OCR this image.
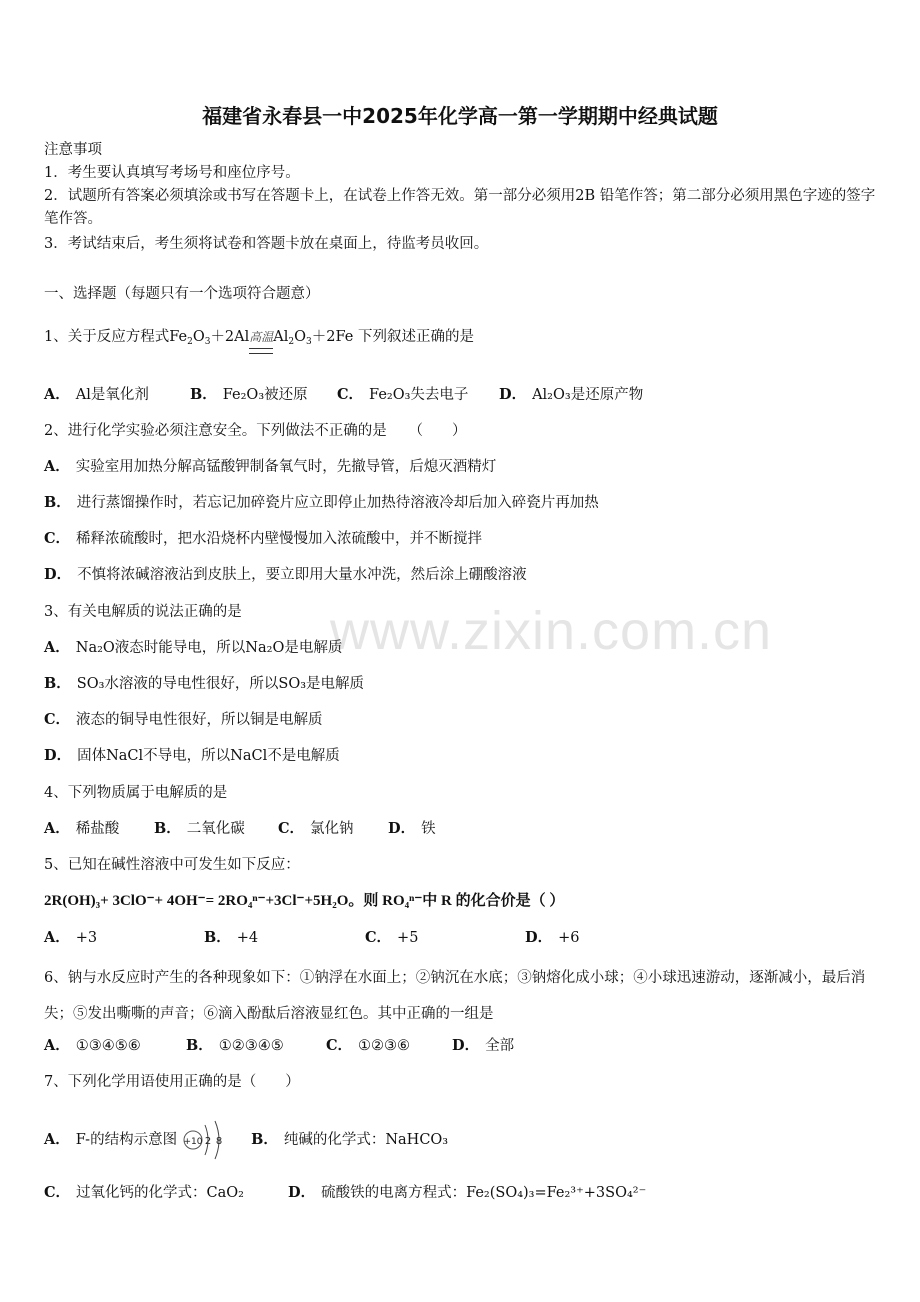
www.zixin.com.cn
福建省永春县一中2025年化学高一第一学期期中经典试题
注意事项
1．考生要认真填写考场号和座位序号。
2．试题所有答案必须填涂或书写在答题卡上，在试卷上作答无效。第一部分必须用2B 铅笔作答；第二部分必须用黑色字迹的签字笔作答。
3．考试结束后，考生须将试卷和答题卡放在桌面上，待监考员收回。
一、选择题（每题只有一个选项符合题意）
1、关于反应方程式$Fe_2O_3+2Al$高温$Al_2O_3+2Fe$ 下列叙述正确的是
A． Al是氧化剂	B． Fe₂O₃被还原 C． Fe₂O₃失去电子 D． Al₂O₃是还原产物
2、进行化学实验必须注意安全。下列做法不正确的是　　（　　）
A． 实验室用加热分解高锰酸钾制备氧气时，先撤导管，后熄灭酒精灯
B． 进行蒸馏操作时，若忘记加碎瓷片应立即停止加热待溶液冷却后加入碎瓷片再加热
C． 稀释浓硫酸时，把水沿烧杯内壁慢慢加入浓硫酸中，并不断搅拌
D． 不慎将浓碱溶液沾到皮肤上，要立即用大量水冲洗，然后涂上硼酸溶液
3、有关电解质的说法正确的是
A． Na₂O液态时能导电，所以Na₂O是电解质
B． SO₃水溶液的导电性很好，所以SO₃是电解质
C． 液态的铜导电性很好，所以铜是电解质
D． 固体NaCl不导电，所以NaCl不是电解质
4、下列物质属于电解质的是
A． 稀盐酸 B． 二氧化碳 C． 氯化钠 D． 铁
5、已知在碱性溶液中可发生如下反应：
2R(OH)₃+ 3ClO⁻+ 4OH⁻= 2RO₄ⁿ⁻+3Cl⁻+5H₂O。则 RO₄ⁿ⁻中 R 的化合价是（ ）
A． +3	B． +4	C． +5	D． +6
6、钠与水反应时产生的各种现象如下：①钠浮在水面上；②钠沉在水底；③钠熔化成小球；④小球迅速游动，逐渐减小，最后消失；⑤发出嘶嘶的声音；⑥滴入酚酞后溶液显红色。其中正确的一组是
A． ①③④⑤⑥	B． ①②③④⑤	C． ①②③⑥	D． 全部
7、下列化学用语使用正确的是（　　）
A． F-的结构示意图 +10 2 8 B． 纯碱的化学式：NaHCO₃
C． 过氧化钙的化学式：CaO₂	D． 硫酸铁的电离方程式：Fe₂(SO₄)₃=Fe₂³⁺+3SO₄²⁻
